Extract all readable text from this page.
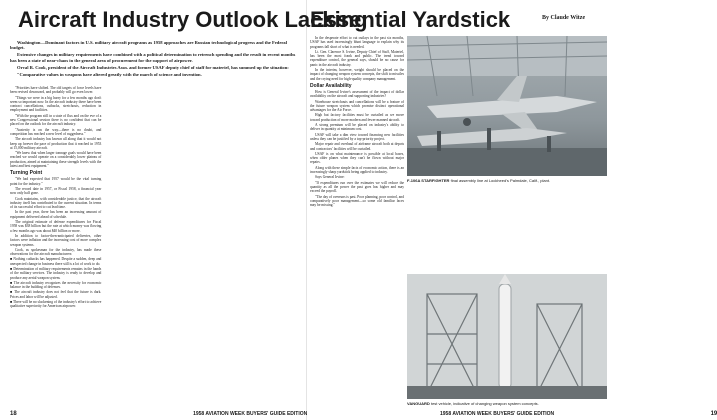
Aircraft Industry Outlook Lacking

Washington—Dominant factors in U.S. military aircraft programs as 1958 approaches are Russian technological progress and the Federal budget.

Extensive changes in military requirements have combined with a political determination to retrench spending and the result in recent months has been a state of near-chaos in the general area of procurement for the support of airpower.

Orval R. Cook, president of the Aircraft Industries Assn. and former USAF deputy chief of staff for materiel, has summed up the situation:

"Comparative values in weapons have altered greatly with the march of science and invention.

"Priorities have shifted. The old targets of force levels have been revised downward, and probably will go even lower.

"Things we were in a big hurry for a few months ago don't seem so important now. In the aircraft industry there have been contract cancellations, cutbacks, stretchouts, reduction in employment and facilities.

"With the program still in a state of flux and on the eve of a new Congressional session there is no confident that can be placed on the outlook for the aircraft industry.

"Austerity is on the way—there is no doubt, and competition has reached a new level of ruggedness."

The aircraft industry has known all along that it would not keep up forever the pace of production that it reached in 1953 at 15,000 military aircraft.

"We knew that when larger tonnage goals would have been reached we would operate on a considerably lower plateau of production, aimed at maintaining these strength levels with the latest and best equipment."

Turning Point

"We had expected that 1957 would be the vital turning point for the industry."

The record date in 1957, or Fiscal 1958, a financial year now only half gone.

Cook maintains, with considerable justice, that the aircraft industry itself has contributed to the current situation. In terms of its successful effort to cut lead time.

In the past year, there has been an increasing amount of equipment delivered ahead of schedule.

The original estimate of defense expenditures for Fiscal 1958 was $38 billion but the rate at which money was flowing a few months ago was about $40 billion or more.

In addition to factor-then-anticipated deliveries, other factors were inflation and the increasing cost of more complex weapon systems.

Cook, as spokesman for the industry, has made these observations for the aircraft manufacturers:

■ Nothing cutbacks has happened. Despite a sudden, deep and unexpected change in business there still is a lot of work to do.

■ Determination of military requirements remains in the hands of the military services. The industry is ready to develop and produce any aerial weapon system.

■ The aircraft industry recognizes the necessity for economic balance in the building of defenses.

■ The aircraft industry does not feel that the future is dark. Prices and labor will be adjusted.

■ There will be no slackening of the industry's effort to achieve qualitative superiority for American airpower.

18	1958 AVIATION WEEK BUYERS' GUIDE EDITION
Essential Yardstick	By Claude Witze

In the desperate effort to cut outlays in the past six months, USAF has used increasingly blunt language to explain why its programs fall short of what is needed.

Lt. Gen. Clarence S. Irvine, Deputy Chief of Staff, Materiel, has been the most frank and public. The trend toward expenditure control, the general says, should be no cause for panic in the aircraft industry.

In the interim, however, weight should be placed on the impact of changing weapon system concepts, the shift to missiles and the crying need for high-quality company management.

Dollar Availability

How is General Irvine's assessment of the impact of dollar availability on the aircraft and supporting industries?

Warehouse stretchouts and cancellations will be a feature of the future weapon system which promise distinct operational advantages for the Air Force.

High but factory facilities must be curtailed as we move toward production of more modern and fewer manned aircraft.

A strong premium will be placed on industry's ability to deliver in quantity at minimum cost.

USAF will take a dim view toward financing new facilities unless they can be justified by a top-priority project.

Major repair and overhaul of airframe aircraft both at depots and contractors' facilities will be curtailed.

USAF is on what maintenance is possible at local bases, when older planes when they can't be flown without major repairs.

Along with these simple facts of economic action, there is an increasingly sharp yardstick being applied to industry.

Says General Irvine:

"If expenditures run over the estimates we will reduce the quantity as all the power the past goes has higher and may exceed the payroll.

"The day of overruns is past. Poor planning, poor control, and comparatively poor management—so some old familiar faces may be missing."

F-106A STARFIGHTER final assembly line at Lockheed's Palmdale, Calif., plant.
VANGUARD test vehicle, indicative of changing weapon system concepts.
1958 AVIATION WEEK BUYERS' GUIDE EDITION	19
